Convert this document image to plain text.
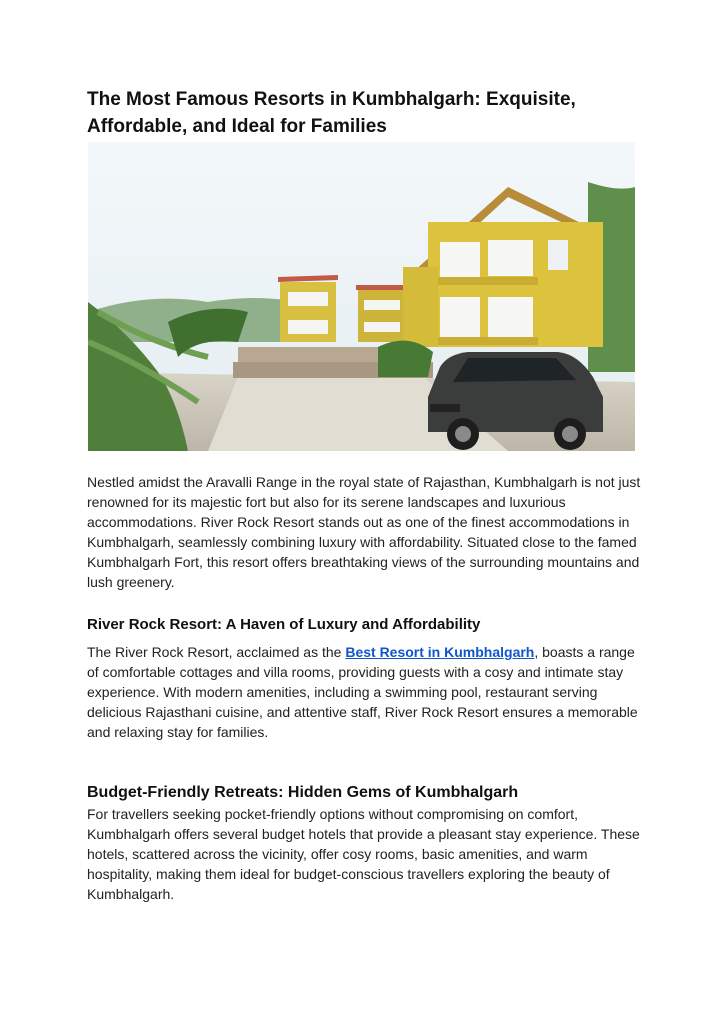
The Most Famous Resorts in Kumbhalgarh: Exquisite, Affordable, and Ideal for Families

Nestled amidst the Aravalli Range in the royal state of Rajasthan, Kumbhalgarh is not just renowned for its majestic fort but also for its serene landscapes and luxurious accommodations. River Rock Resort stands out as one of the finest accommodations in Kumbhalgarh, seamlessly combining luxury with affordability. Situated close to the famed Kumbhalgarh Fort, this resort offers breathtaking views of the surrounding mountains and lush greenery.

River Rock Resort: A Haven of Luxury and Affordability

The River Rock Resort, acclaimed as the Best Resort in Kumbhalgarh, boasts a range of comfortable cottages and villa rooms, providing guests with a cosy and intimate stay experience. With modern amenities, including a swimming pool, restaurant serving delicious Rajasthani cuisine, and attentive staff, River Rock Resort ensures a memorable and relaxing stay for families.

Budget-Friendly Retreats: Hidden Gems of Kumbhalgarh

For travellers seeking pocket-friendly options without compromising on comfort, Kumbhalgarh offers several budget hotels that provide a pleasant stay experience. These hotels, scattered across the vicinity, offer cosy rooms, basic amenities, and warm hospitality, making them ideal for budget-conscious travellers exploring the beauty of Kumbhalgarh.
